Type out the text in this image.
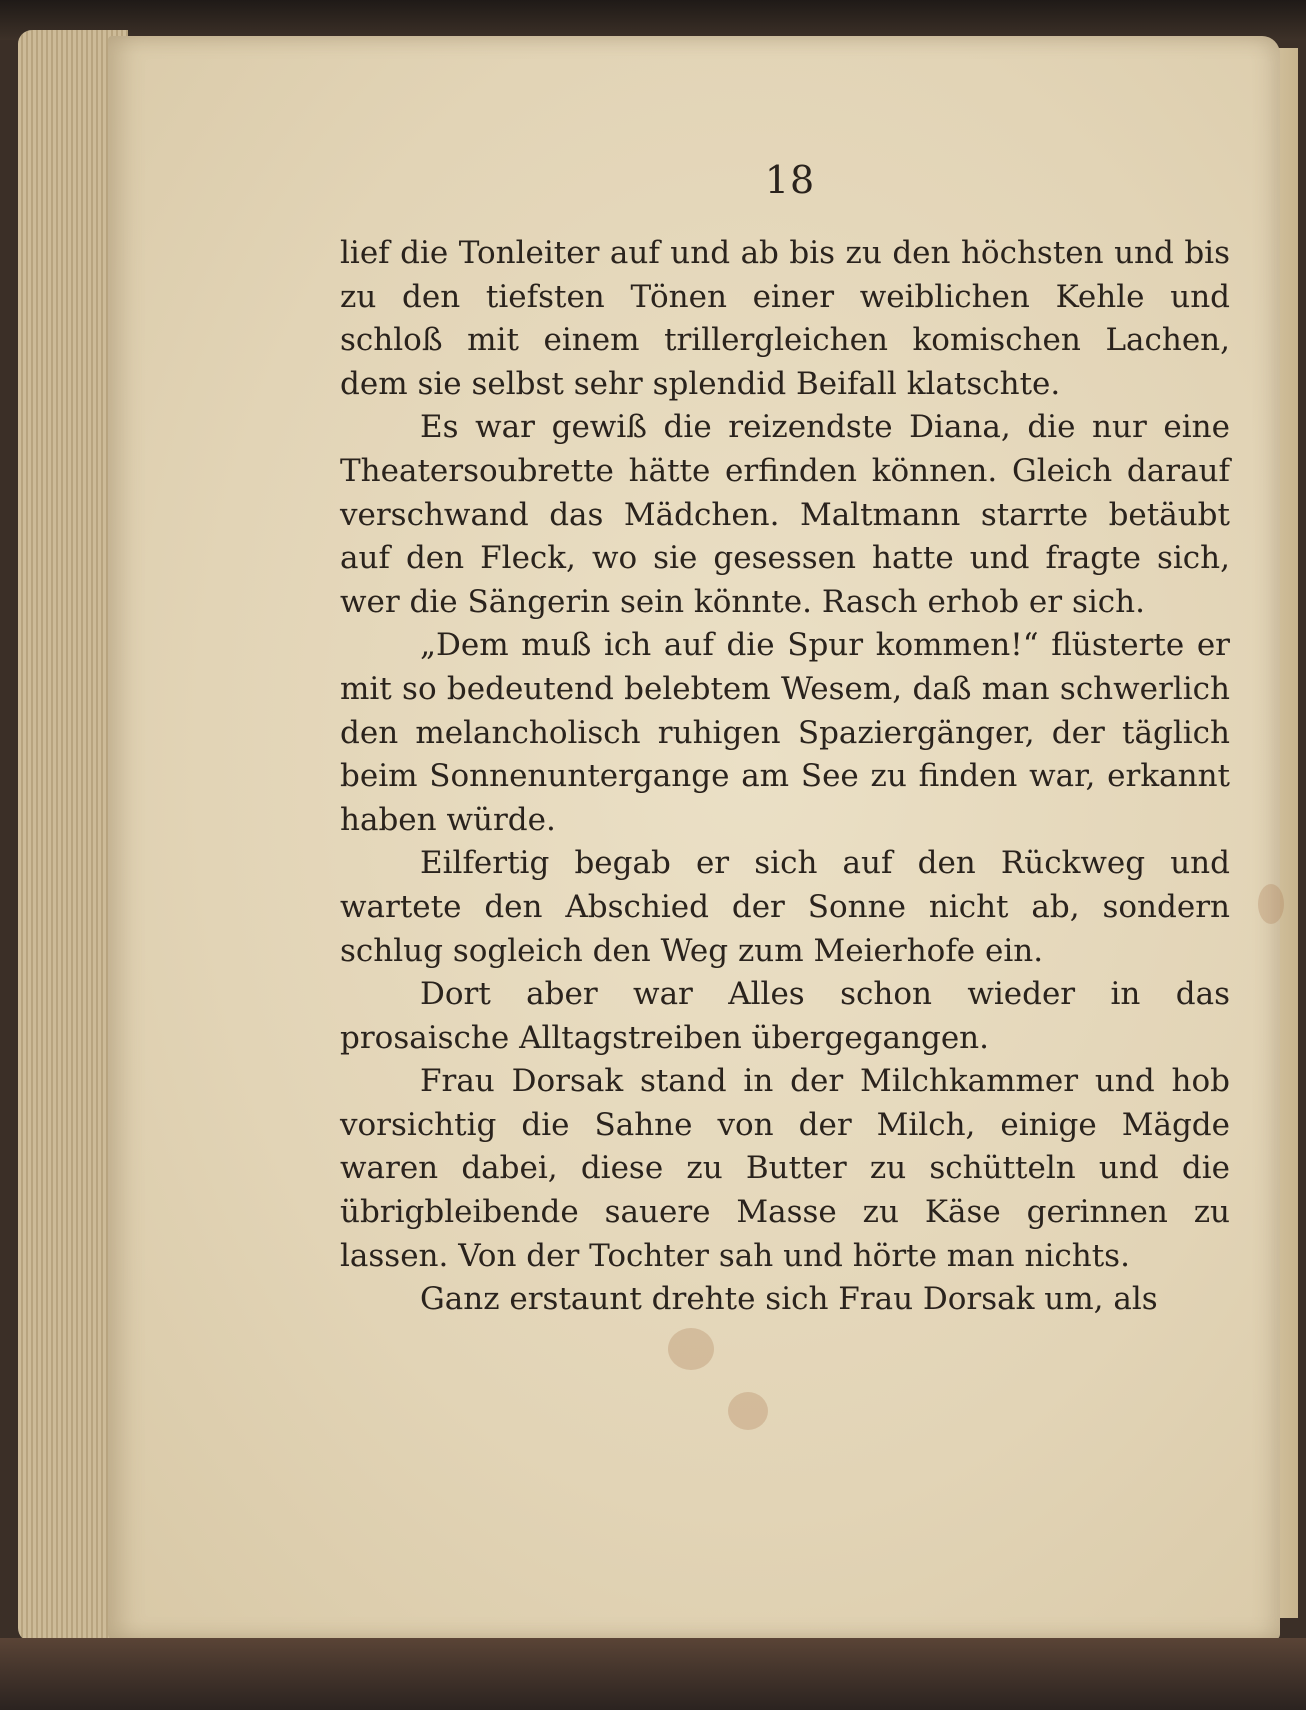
18

lief die Tonleiter auf und ab bis zu den höchsten und bis zu den tiefsten Tönen einer weiblichen Kehle und schloß mit einem trillergleichen komischen Lachen, dem sie selbst sehr splendid Beifall klatschte.

Es war gewiß die reizendste Diana, die nur eine Theatersoubrette hätte erfinden können. Gleich darauf verschwand das Mädchen. Maltmann starrte betäubt auf den Fleck, wo sie gesessen hatte und fragte sich, wer die Sängerin sein könnte. Rasch erhob er sich.

„Dem muß ich auf die Spur kommen!“ flüsterte er mit so bedeutend belebtem Wesem, daß man schwerlich den melancholisch ruhigen Spaziergänger, der täglich beim Sonnenuntergange am See zu finden war, erkannt haben würde.

Eilfertig begab er sich auf den Rückweg und wartete den Abschied der Sonne nicht ab, sondern schlug sogleich den Weg zum Meierhofe ein.

Dort aber war Alles schon wieder in das prosaische Alltagstreiben übergegangen.

Frau Dorsak stand in der Milchkammer und hob vorsichtig die Sahne von der Milch, einige Mägde waren dabei, diese zu Butter zu schütteln und die übrigbleibende sauere Masse zu Käse gerinnen zu lassen. Von der Tochter sah und hörte man nichts.

Ganz erstaunt drehte sich Frau Dorsak um, als
